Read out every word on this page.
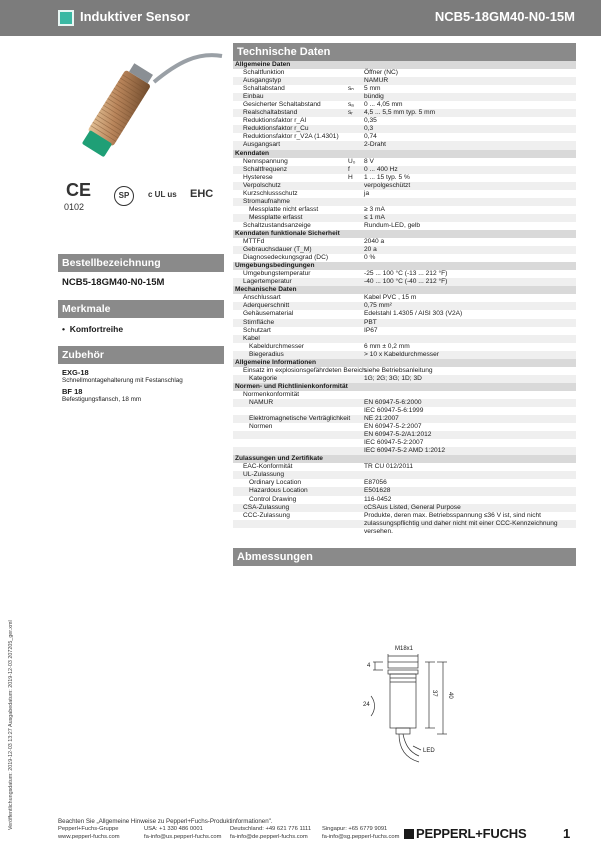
Induktiver Sensor	NCB5-18GM40-N0-15M
CE
0102
SP	c UL us EHC
Bestellbezeichnung
NCB5-18GM40-N0-15M
Merkmale
•  Komfortreihe
Zubehör
EXG-18
Schnellmontagehalterung mit Festanschlag
BF 18
Befestigungsflansch, 18 mm
Technische Daten
Allgemeine Daten		
Schaltfunktion		Öffner (NC)
Ausgangstyp		NAMUR
Schaltabstand	sₙ	5 mm
Einbau		bündig
Gesicherter Schaltabstand	sₐ	0 ... 4,05 mm
Realschaltabstand	sᵣ	4,5 ... 5,5 mm typ. 5 mm
Reduktionsfaktor r_Al		0,35
Reduktionsfaktor r_Cu		0,3
Reduktionsfaktor r_V2A (1.4301)		0,74
Ausgangsart		2-Draht
Kenndaten		
Nennspannung	U₀	8 V
Schaltfrequenz	f	0 ... 400 Hz
Hysterese	H	1 ... 15 typ. 5 %
Verpolschutz		verpolgeschützt
Kurzschlussschutz		ja
Stromaufnahme		
Messplatte nicht erfasst		≥ 3 mA
Messplatte erfasst		≤ 1 mA
Schaltzustandsanzeige		Rundum-LED, gelb
Kenndaten funktionale Sicherheit		
MTTFd		2040 a
Gebrauchsdauer (T_M)		20 a
Diagnosedeckungsgrad (DC)		0 %
Umgebungsbedingungen		
Umgebungstemperatur		-25 ... 100 °C (-13 ... 212 °F)
Lagertemperatur		-40 ... 100 °C (-40 ... 212 °F)
Mechanische Daten		
Anschlussart		Kabel PVC , 15 m
Aderquerschnitt		0,75 mm²
Gehäusematerial		Edelstahl 1.4305 / AISI 303 (V2A)
Stirnfläche		PBT
Schutzart		IP67
Kabel		
Kabeldurchmesser		6 mm ± 0,2 mm
Biegeradius		> 10 x Kabeldurchmesser
Allgemeine Informationen		
Einsatz im explosionsgefährdeten Bereich		siehe Betriebsanleitung
Kategorie		1G; 2G; 3G; 1D; 3D
Normen- und Richtlinienkonformität		
Normenkonformität		
NAMUR		EN 60947-5-6:2000
		IEC 60947-5-6:1999
Elektromagnetische Verträglichkeit		NE 21:2007
Normen		EN 60947-5-2:2007
		EN 60947-5-2/A1:2012
		IEC 60947-5-2:2007
		IEC 60947-5-2 AMD 1:2012
Zulassungen und Zertifikate		
EAC-Konformität		TR CU 012/2011
UL-Zulassung		
Ordinary Location		E87056
Hazardous Location		E501628
Control Drawing		116-0452
CSA-Zulassung		cCSAus Listed, General Purpose
CCC-Zulassung		Produkte, deren max. Betriebsspannung ≤36 V ist, sind nicht
		zulassungspflichtig und daher nicht mit einer CCC-Kennzeichnung
		versehen.
Abmessungen
M18x1
4
24
37 40
LED
Veröffentlichungsdatum: 2019-12-03 13:27 Ausgabedatum: 2019-12-03 207205_ger.xml	Beachten Sie „Allgemeine Hinweise zu Pepperl+Fuchs-Produktinformationen".
Pepperl+Fuchs-Gruppe
www.pepperl-fuchs.com
USA: +1 330 486 0001
fa-info@us.pepperl-fuchs.com
Deutschland: +49 621 776 1111
fa-info@de.pepperl-fuchs.com
Singapur: +65 6779 9091
fa-info@sg.pepperl-fuchs.com PEPPERL+FUCHS	1
